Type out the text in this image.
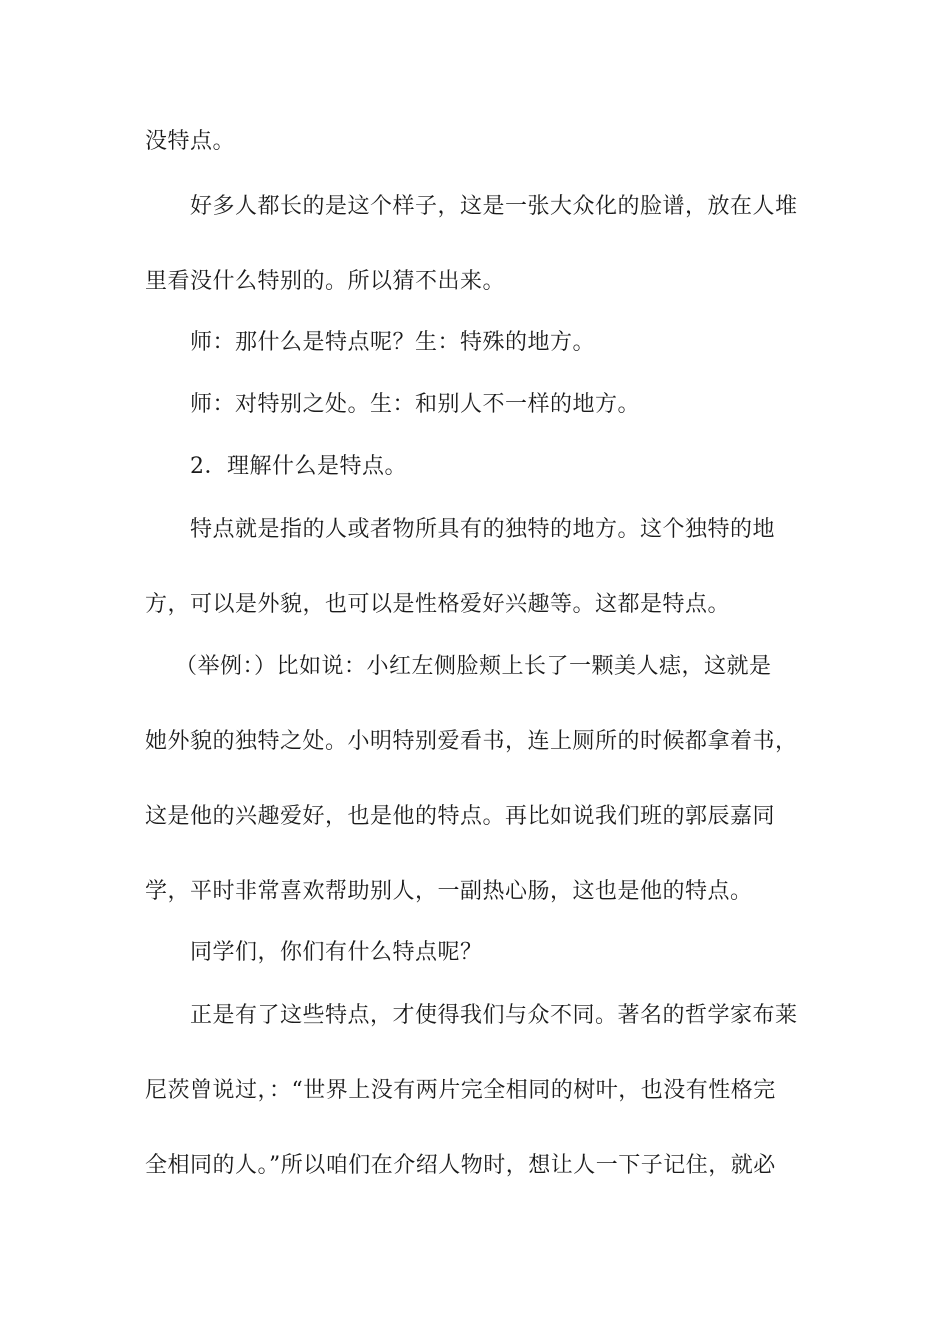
没特点。
好多人都长的是这个样子，这是一张大众化的脸谱，放在人堆
里看没什么特别的。所以猜不出来。
师：那什么是特点呢？生：特殊的地方。
师：对特别之处。生：和别人不一样的地方。
2．理解什么是特点。
特点就是指的人或者物所具有的独特的地方。这个独特的地
方，可以是外貌，也可以是性格爱好兴趣等。这都是特点。
（举例：）比如说：小红左侧脸颊上长了一颗美人痣，这就是
她外貌的独特之处。小明特别爱看书，连上厕所的时候都拿着书，
这是他的兴趣爱好，也是他的特点。再比如说我们班的郭辰嘉同
学，平时非常喜欢帮助别人，一副热心肠，这也是他的特点。
同学们，你们有什么特点呢？
正是有了这些特点，才使得我们与众不同。著名的哲学家布莱
尼茨曾说过，：“世界上没有两片完全相同的树叶，也没有性格完
全相同的人。”所以咱们在介绍人物时，想让人一下子记住，就必
